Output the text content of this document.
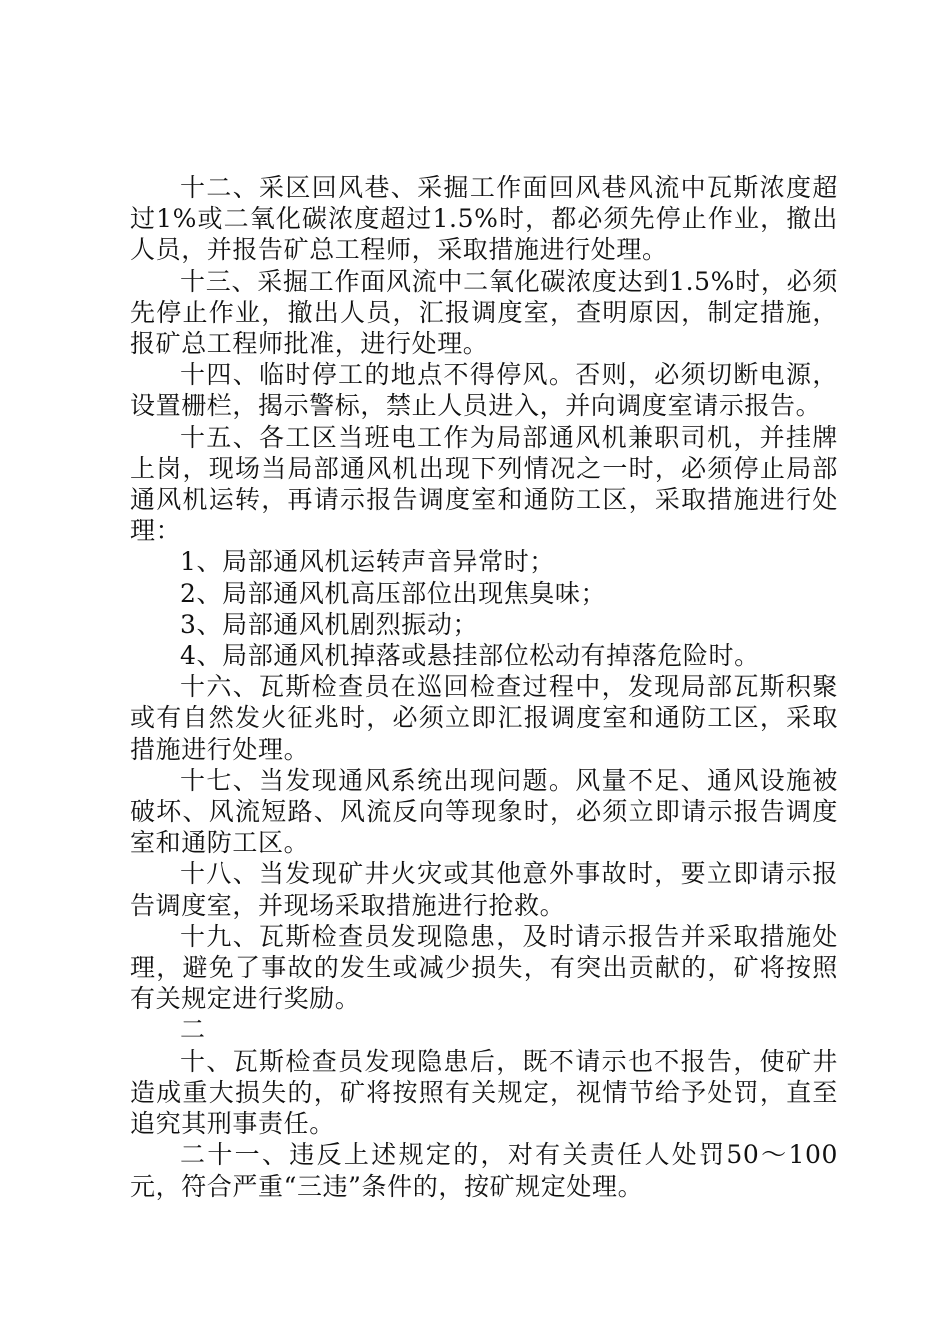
十二、采区回风巷、采掘工作面回风巷风流中瓦斯浓度超过1%或二氧化碳浓度超过1.5%时，都必须先停止作业，撤出人员，并报告矿总工程师，采取措施进行处理。

十三、采掘工作面风流中二氧化碳浓度达到1.5%时，必须先停止作业，撤出人员，汇报调度室，查明原因，制定措施，报矿总工程师批准，进行处理。

十四、临时停工的地点不得停风。否则，必须切断电源，设置栅栏，揭示警标，禁止人员进入，并向调度室请示报告。

十五、各工区当班电工作为局部通风机兼职司机，并挂牌上岗，现场当局部通风机出现下列情况之一时，必须停止局部通风机运转，再请示报告调度室和通防工区，采取措施进行处理：

1、局部通风机运转声音异常时；

2、局部通风机高压部位出现焦臭味；

3、局部通风机剧烈振动；

4、局部通风机掉落或悬挂部位松动有掉落危险时。

十六、瓦斯检查员在巡回检查过程中，发现局部瓦斯积聚或有自然发火征兆时，必须立即汇报调度室和通防工区，采取措施进行处理。

十七、当发现通风系统出现问题。风量不足、通风设施被破坏、风流短路、风流反向等现象时，必须立即请示报告调度室和通防工区。

十八、当发现矿井火灾或其他意外事故时，要立即请示报告调度室，并现场采取措施进行抢救。

十九、瓦斯检查员发现隐患，及时请示报告并采取措施处理，避免了事故的发生或减少损失，有突出贡献的，矿将按照有关规定进行奖励。

二

十、瓦斯检查员发现隐患后，既不请示也不报告，使矿井造成重大损失的，矿将按照有关规定，视情节给予处罚，直至追究其刑事责任。

二十一、违反上述规定的，对有关责任人处罚50～100元，符合严重“三违”条件的，按矿规定处理。
